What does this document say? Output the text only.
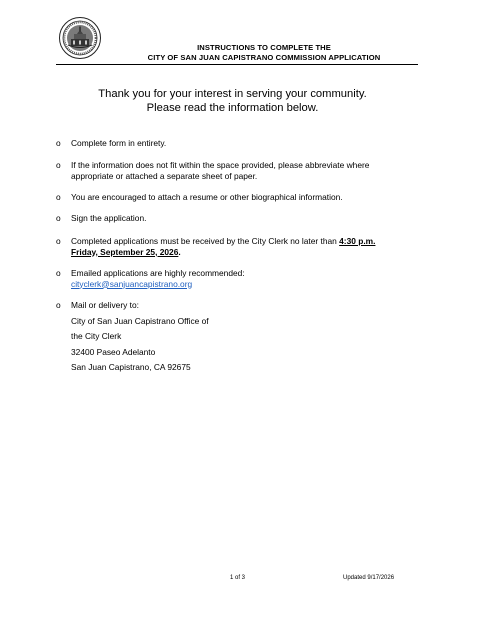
INSTRUCTIONS TO COMPLETE THE
CITY OF SAN JUAN CAPISTRANO COMMISSION APPLICATION
Thank you for your interest in serving your community.
Please read the information below.
o Complete form in entirety.
o If the information does not fit within the space provided, please abbreviate where
appropriate or attached a separate sheet of paper.
o You are encouraged to attach a resume or other biographical information.
o Sign the application.
o Completed applications must be received by the City Clerk no later than 4:30 p.m.
Friday, September 25, 2026.
o Emailed applications are highly recommended:
cityclerk@sanjuancapistrano.org
o Mail or delivery to:
City of San Juan Capistrano Office of
the City Clerk
32400 Paseo Adelanto
San Juan Capistrano, CA 92675
1 of 3	Updated 9/17/2026
